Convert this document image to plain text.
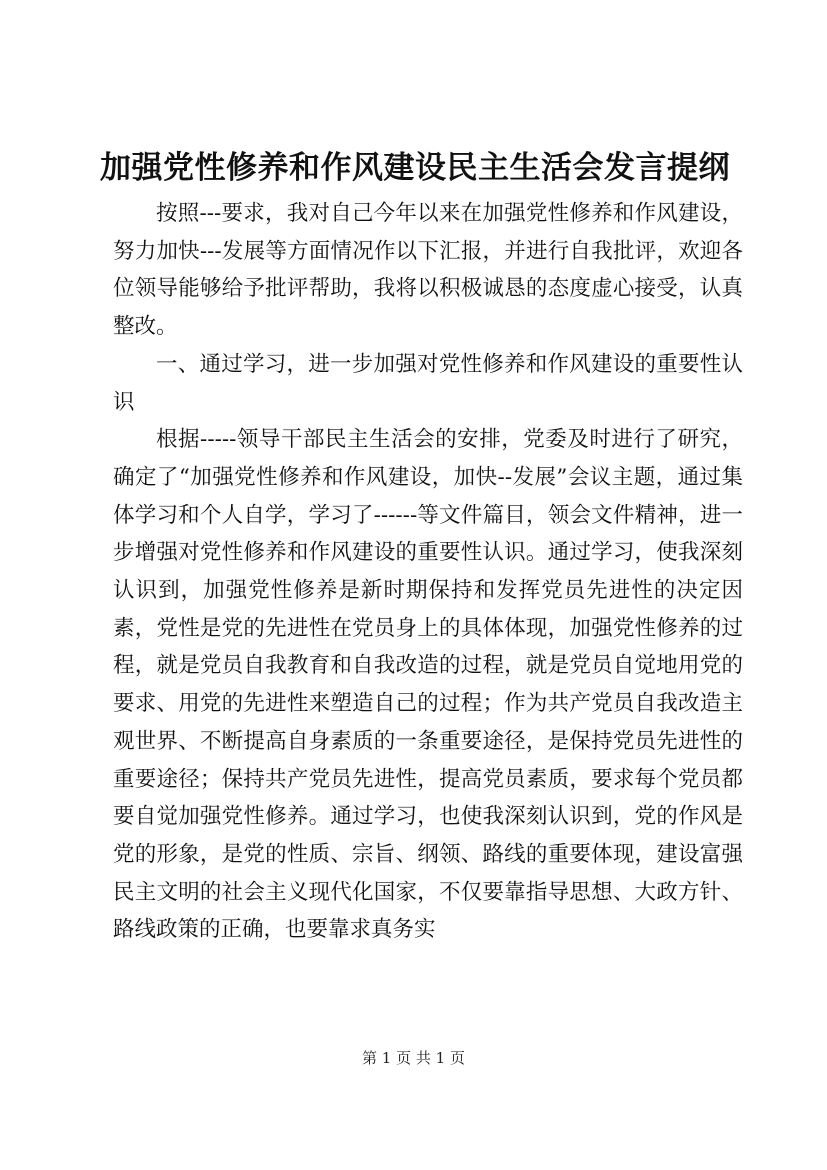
加强党性修养和作风建设民主生活会发言提纲

按照---要求，我对自己今年以来在加强党性修养和作风建设，努力加快---发展等方面情况作以下汇报，并进行自我批评，欢迎各位领导能够给予批评帮助，我将以积极诚恳的态度虚心接受，认真整改。

一、通过学习，进一步加强对党性修养和作风建设的重要性认识

根据-----领导干部民主生活会的安排，党委及时进行了研究，确定了“加强党性修养和作风建设，加快--发展”会议主题，通过集体学习和个人自学，学习了------等文件篇目，领会文件精神，进一步增强对党性修养和作风建设的重要性认识。通过学习，使我深刻认识到，加强党性修养是新时期保持和发挥党员先进性的决定因素，党性是党的先进性在党员身上的具体体现，加强党性修养的过程，就是党员自我教育和自我改造的过程，就是党员自觉地用党的要求、用党的先进性来塑造自己的过程；作为共产党员自我改造主观世界、不断提高自身素质的一条重要途径，是保持党员先进性的重要途径；保持共产党员先进性，提高党员素质，要求每个党员都要自觉加强党性修养。通过学习，也使我深刻认识到，党的作风是党的形象，是党的性质、宗旨、纲领、路线的重要体现，建设富强民主文明的社会主义现代化国家，不仅要靠指导思想、大政方针、路线政策的正确，也要靠求真务实

第 1 页 共 1 页
